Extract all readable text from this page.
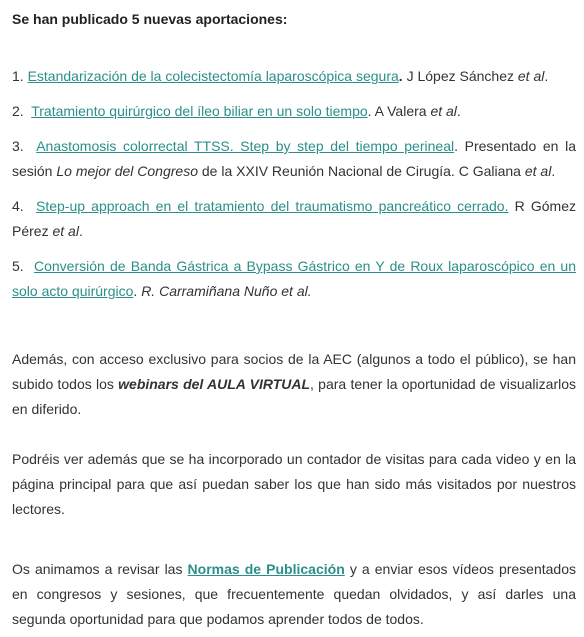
Se han publicado 5 nuevas aportaciones:
1. Estandarización de la colecistectomía laparoscópica segura. J López Sánchez et al.
2. Tratamiento quirúrgico del íleo biliar en un solo tiempo. A Valera et al.
3. Anastomosis colorrectal TTSS. Step by step del tiempo perineal. Presentado en la sesión Lo mejor del Congreso de la XXIV Reunión Nacional de Cirugía. C Galiana et al.
4. Step-up approach en el tratamiento del traumatismo pancreático cerrado. R Gómez Pérez et al.
5.  Conversión de Banda Gástrica a Bypass Gástrico en Y de Roux laparoscópico en un solo acto quirúrgico. R. Carramiñana Nuño et al.
Además, con acceso exclusivo para socios de la AEC (algunos a todo el público), se han subido todos los webinars del AULA VIRTUAL, para tener la oportunidad de visualizarlos en diferido.
Podréis ver además que se ha incorporado un contador de visitas para cada video y en la página principal para que así puedan saber los que han sido más visitados por nuestros lectores.
Os animamos a revisar las Normas de Publicación y a enviar esos vídeos presentados en congresos y sesiones, que frecuentemente quedan olvidados, y así darles una segunda oportunidad para que podamos aprender todos de todos.
